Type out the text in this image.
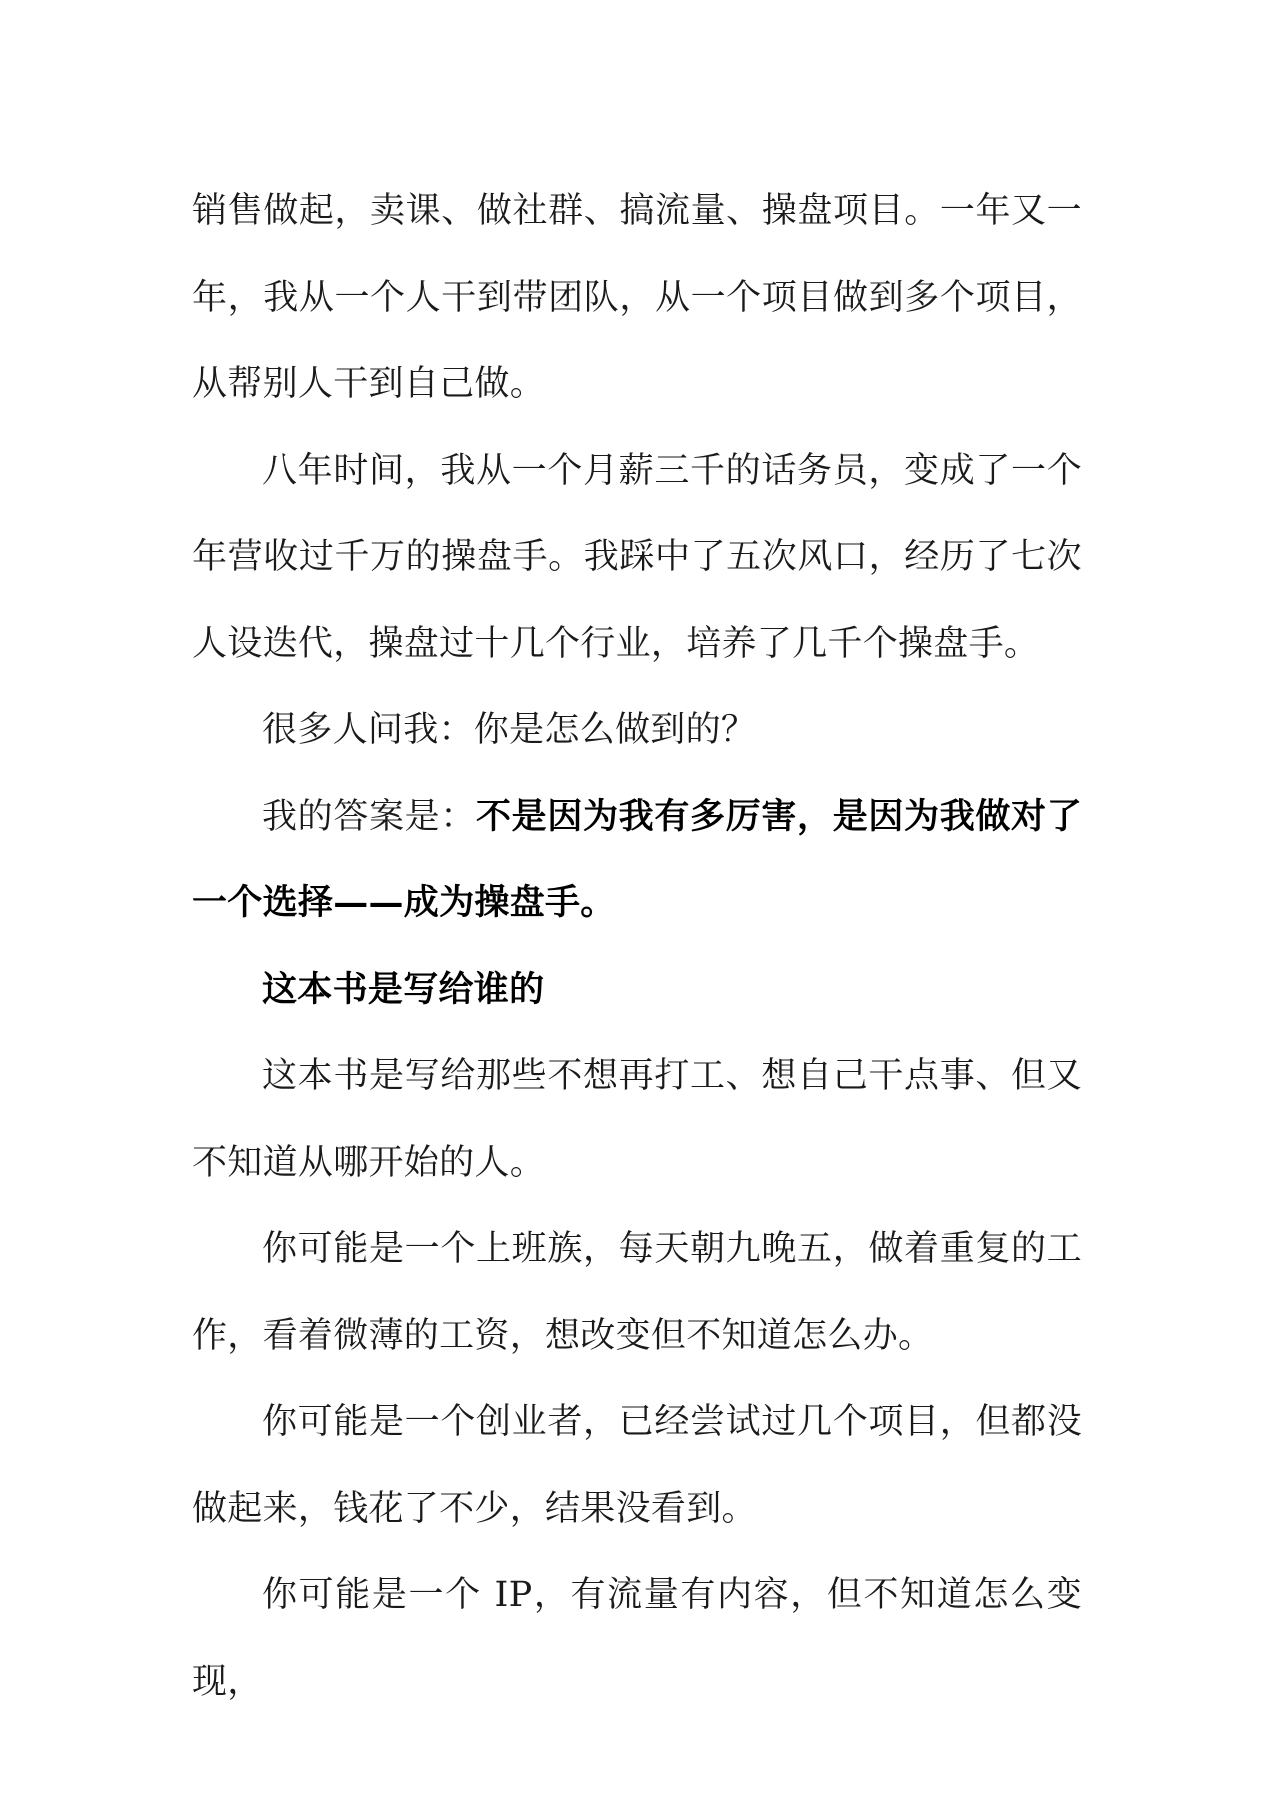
销售做起，卖课、做社群、搞流量、操盘项目。一年又一年，我从一个人干到带团队，从一个项目做到多个项目，从帮别人干到自己做。

八年时间，我从一个月薪三千的话务员，变成了一个年营收过千万的操盘手。我踩中了五次风口，经历了七次人设迭代，操盘过十几个行业，培养了几千个操盘手。

很多人问我：你是怎么做到的？

我的答案是：不是因为我有多厉害，是因为我做对了一个选择——成为操盘手。

这本书是写给谁的

这本书是写给那些不想再打工、想自己干点事、但又不知道从哪开始的人。

你可能是一个上班族，每天朝九晚五，做着重复的工作，看着微薄的工资，想改变但不知道怎么办。

你可能是一个创业者，已经尝试过几个项目，但都没做起来，钱花了不少，结果没看到。

你可能是一个 IP，有流量有内容，但不知道怎么变现，
